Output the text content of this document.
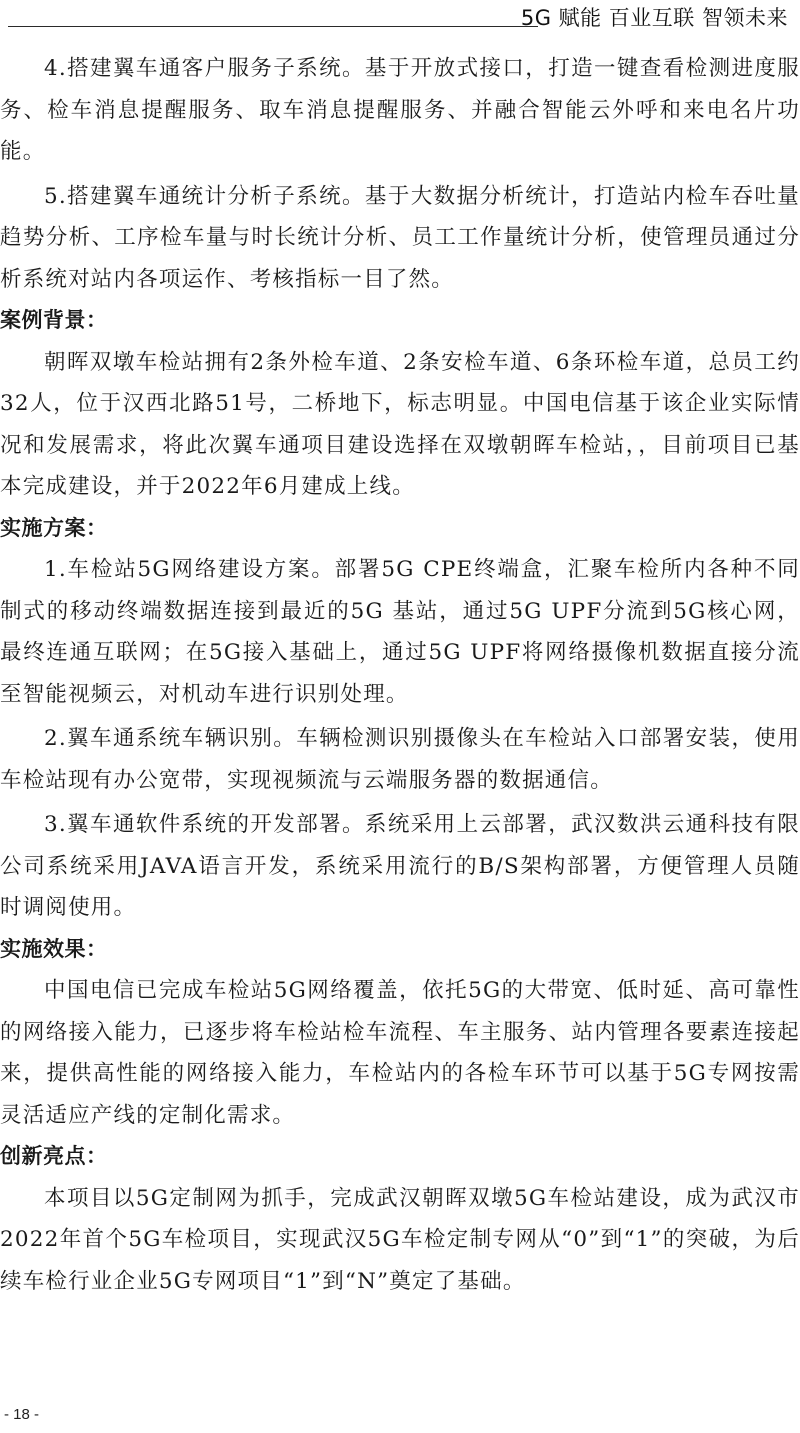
5G 赋能 百业互联 智领未来

4.搭建翼车通客户服务子系统。基于开放式接口，打造一键查看检测进度服务、检车消息提醒服务、取车消息提醒服务、并融合智能云外呼和来电名片功能。

5.搭建翼车通统计分析子系统。基于大数据分析统计，打造站内检车吞吐量趋势分析、工序检车量与时长统计分析、员工工作量统计分析，使管理员通过分析系统对站内各项运作、考核指标一目了然。

案例背景：

朝晖双墩车检站拥有2条外检车道、2条安检车道、6条环检车道，总员工约32人，位于汉西北路51号，二桥地下，标志明显。中国电信基于该企业实际情况和发展需求，将此次翼车通项目建设选择在双墩朝晖车检站，，目前项目已基本完成建设，并于2022年6月建成上线。

实施方案：

1.车检站5G网络建设方案。部署5G CPE终端盒，汇聚车检所内各种不同制式的移动终端数据连接到最近的5G 基站，通过5G UPF分流到5G核心网，最终连通互联网；在5G接入基础上，通过5G UPF将网络摄像机数据直接分流至智能视频云，对机动车进行识别处理。

2.翼车通系统车辆识别。车辆检测识别摄像头在车检站入口部署安装，使用车检站现有办公宽带，实现视频流与云端服务器的数据通信。

3.翼车通软件系统的开发部署。系统采用上云部署，武汉数洪云通科技有限公司系统采用JAVA语言开发，系统采用流行的B/S架构部署，方便管理人员随时调阅使用。

实施效果：

中国电信已完成车检站5G网络覆盖，依托5G的大带宽、低时延、高可靠性的网络接入能力，已逐步将车检站检车流程、车主服务、站内管理各要素连接起来，提供高性能的网络接入能力，车检站内的各检车环节可以基于5G专网按需灵活适应产线的定制化需求。

创新亮点：

本项目以5G定制网为抓手，完成武汉朝晖双墩5G车检站建设，成为武汉市2022年首个5G车检项目，实现武汉5G车检定制专网从“0”到“1”的突破，为后续车检行业企业5G专网项目“1”到“N”奠定了基础。

- 18 -
